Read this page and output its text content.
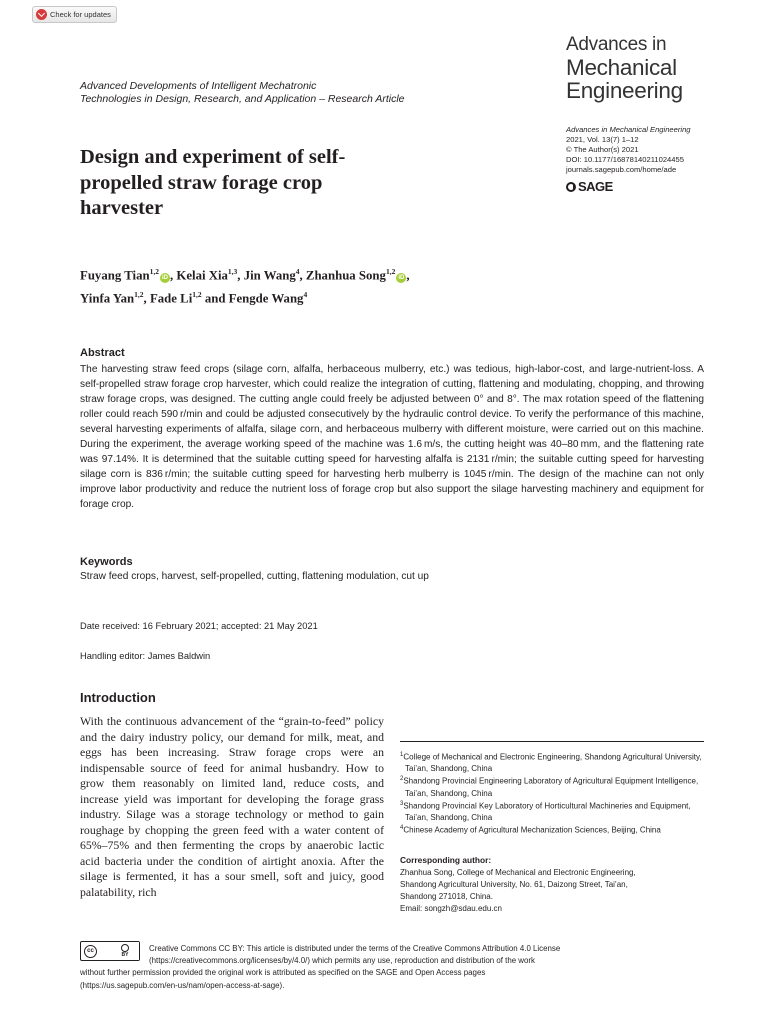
Check for updates
Advances in
Mechanical
Engineering
Advanced Developments of Intelligent Mechatronic
Technologies in Design, Research, and Application – Research Article
Advances in Mechanical Engineering
2021, Vol. 13(7) 1–12
© The Author(s) 2021
DOI: 10.1177/16878140211024455
journals.sagepub.com/home/ade
SAGE
Design and experiment of self-propelled straw forage crop harvester
Fuyang Tian$^{1,2}$iD , Kelai Xia$^{1,3}$, Jin Wang$^4$, Zhanhua Song$^{1,2}$iD ,
Yinfa Yan$^{1,2}$, Fade Li$^{1,2}$ and Fengde Wang$^4$
Abstract
The harvesting straw feed crops (silage corn, alfalfa, herbaceous mulberry, etc.) was tedious, high-labor-cost, and large-nutrient-loss. A self-propelled straw forage crop harvester, which could realize the integration of cutting, flattening and modulating, chopping, and throwing straw forage crops, was designed. The cutting angle could freely be adjusted between 0° and 8°. The max rotation speed of the flattening roller could reach 590 r/min and could be adjusted consecutively by the hydraulic control device. To verify the performance of this machine, several harvesting experiments of alfalfa, silage corn, and herbaceous mulberry with different moisture, were carried out on this machine. During the experiment, the average working speed of the machine was 1.6 m/s, the cutting height was 40–80 mm, and the flattening rate was 97.14%. It is determined that the suitable cutting speed for harvesting alfalfa is 2131 r/min; the suitable cutting speed for harvesting silage corn is 836 r/min; the suitable cutting speed for harvesting herb mulberry is 1045 r/min. The design of the machine can not only improve labor productivity and reduce the nutrient loss of forage crop but also support the silage harvesting machinery and equipment for forage crop.
Keywords
Straw feed crops, harvest, self-propelled, cutting, flattening modulation, cut up
Date received: 16 February 2021; accepted: 21 May 2021
Handling editor: James Baldwin
Introduction
With the continuous advancement of the “grain-to-feed” policy and the dairy industry policy, our demand for milk, meat, and eggs has been increasing. Straw forage crops were an indispensable source of feed for animal husbandry. How to grow them reasonably on limited land, reduce costs, and increase yield was important for developing the forage grass industry. Silage was a storage technology or method to gain roughage by chopping the green feed with a water content of 65%–75% and then fermenting the crops by anaerobic lactic acid bacteria under the condition of airtight anoxia. After the silage is fermented, it has a sour smell, soft and juicy, good palatability, rich
$^1$College of Mechanical and Electronic Engineering, Shandong Agricultural University, Tai’an, Shandong, China
$^2$Shandong Provincial Engineering Laboratory of Agricultural Equipment Intelligence, Tai’an, Shandong, China
$^3$Shandong Provincial Key Laboratory of Horticultural Machineries and Equipment, Tai’an, Shandong, China
$^4$Chinese Academy of Agricultural Mechanization Sciences, Beijing, China
Corresponding author:
Zhanhua Song, College of Mechanical and Electronic Engineering,
Shandong Agricultural University, No. 61, Daizong Street, Tai’an,
Shandong 271018, China.
Email: songzh@sdau.edu.cn
cc
BY
Creative Commons CC BY: This article is distributed under the terms of the Creative Commons Attribution 4.0 License
(https://creativecommons.org/licenses/by/4.0/) which permits any use, reproduction and distribution of the work
without further permission provided the original work is attributed as specified on the SAGE and Open Access pages
(https://us.sagepub.com/en-us/nam/open-access-at-sage).
